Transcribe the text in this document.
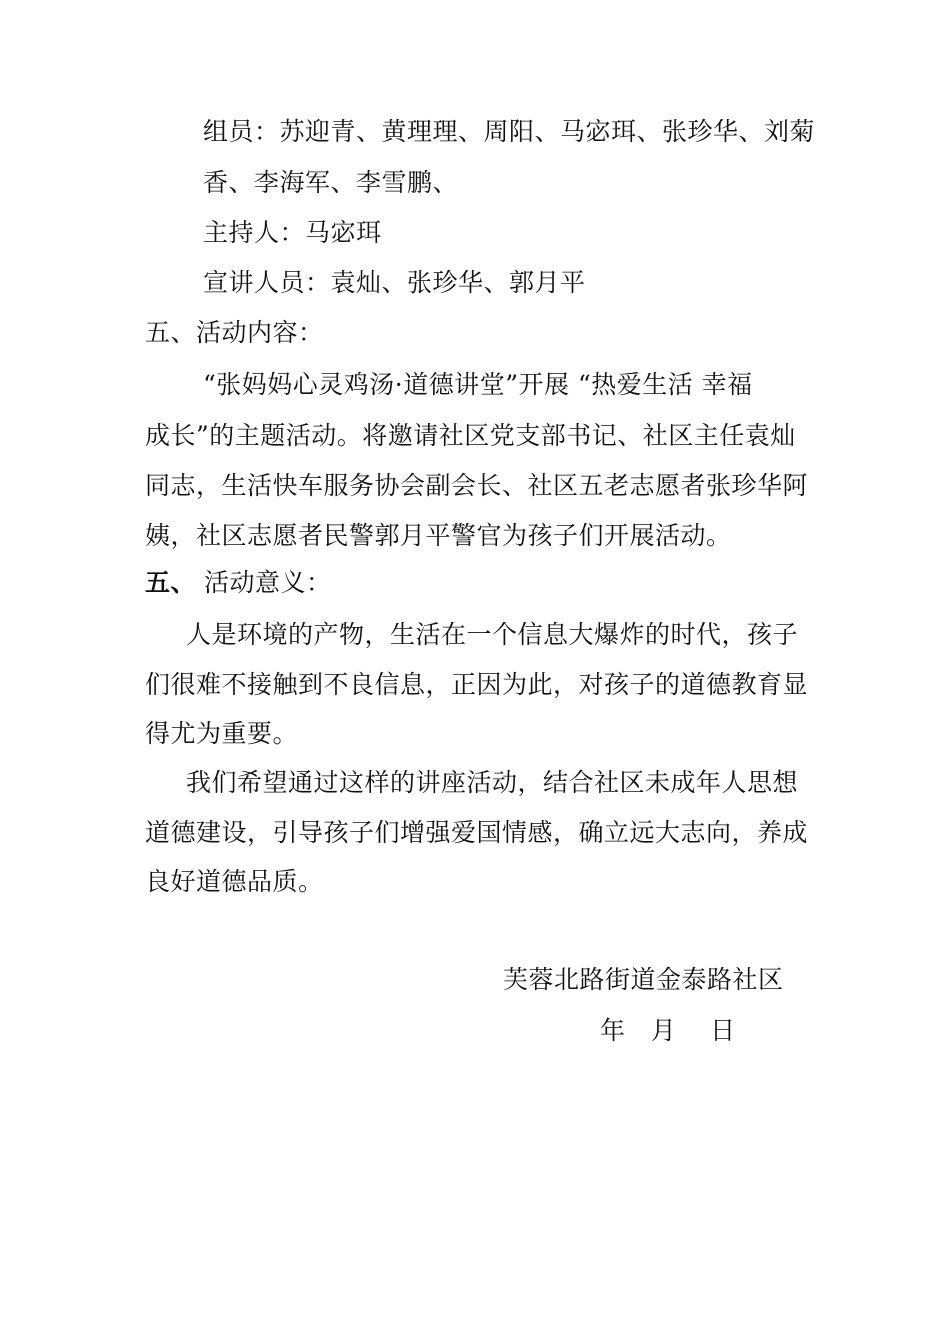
组员：苏迎青、黄理理、周阳、马宓珥、张珍华、刘菊
香、李海军、李雪鹏、
主持人：马宓珥
宣讲人员：袁灿、张珍华、郭月平
五、活动内容：
“张妈妈心灵鸡汤·道德讲堂”开展 “热爱生活 幸福
成长”的主题活动。将邀请社区党支部书记、社区主任袁灿
同志，生活快车服务协会副会长、社区五老志愿者张珍华阿
姨，社区志愿者民警郭月平警官为孩子们开展活动。
五、 活动意义：
人是环境的产物，生活在一个信息大爆炸的时代，孩子
们很难不接触到不良信息，正因为此，对孩子的道德教育显
得尤为重要。
我们希望通过这样的讲座活动，结合社区未成年人思想
道德建设，引导孩子们增强爱国情感，确立远大志向，养成
良好道德品质。
芙蓉北路街道金泰路社区
年   月    日
